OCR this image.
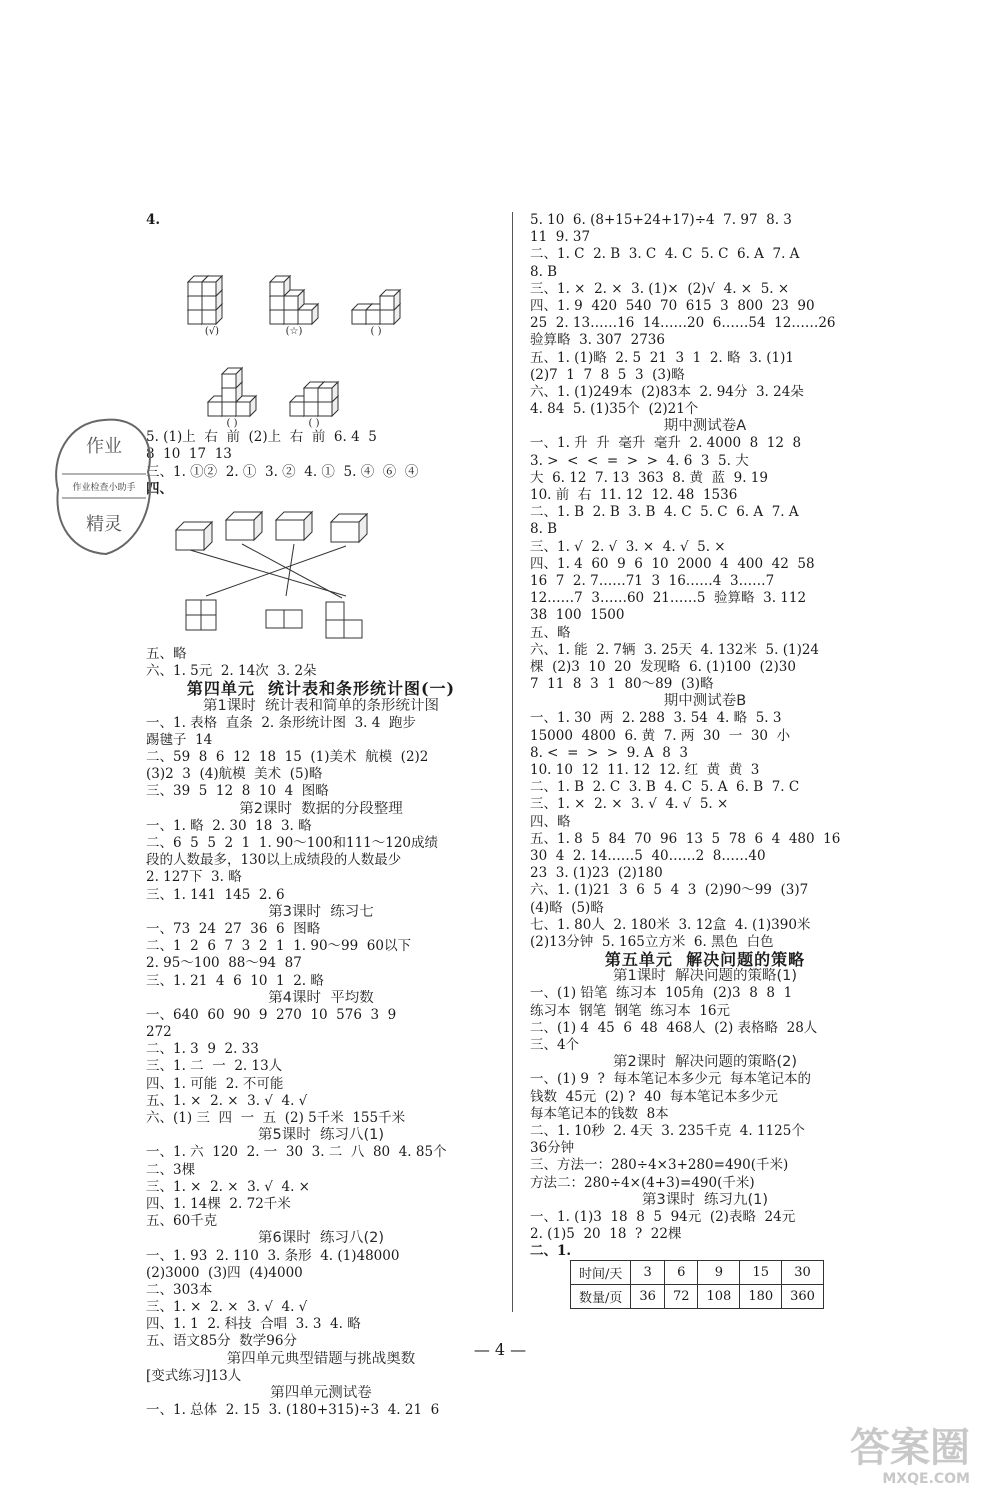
4.
(√)	(☆)	( )
( )	( )
5. (1)上  右  前  (2)上  右  前  6. 4  5
8  10  17  13
三、1. ①②  2. ①  3. ②  4. ①  5. ④  ⑥  ④
四、
五、略
六、1. 5元  2. 14次  3. 2朵
第四单元  统计表和条形统计图(一)
第1课时  统计表和简单的条形统计图
一、1. 表格  直条  2. 条形统计图  3. 4  跑步
踢毽子  14
二、59  8  6  12  18  15  (1)美术  航模  (2)2
(3)2  3  (4)航模  美术  (5)略
三、39  5  12  8  10  4  图略
第2课时  数据的分段整理
一、1. 略  2. 30  18  3. 略
二、6  5  5  2  1  1. 90～100和111～120成绩
段的人数最多，130以上成绩段的人数最少
2. 127下  3. 略
三、1. 141  145  2. 6
第3课时  练习七
一、73  24  27  36  6  图略
二、1  2  6  7  3  2  1  1. 90～99  60以下
2. 95～100  88～94  87
三、1. 21  4  6  10  1  2. 略
第4课时  平均数
一、640  60  90  9  270  10  576  3  9
272
二、1. 3  9  2. 33
三、1. 二  一  2. 13人
四、1. 可能  2. 不可能
五、1. ×  2. ×  3. √  4. √
六、(1) 三  四  一  五  (2) 5千米  155千米
第5课时  练习八(1)
一、1. 六  120  2. 一  30  3. 二  八  80  4. 85个
二、3棵
三、1. ×  2. ×  3. √  4. ×
四、1. 14棵  2. 72千米
五、60千克
第6课时  练习八(2)
一、1. 93  2. 110  3. 条形  4. (1)48000
(2)3000  (3)四  (4)4000
二、303本
三、1. ×  2. ×  3. √  4. √
四、1. 1  2. 科技  合唱  3. 3  4. 略
五、语文85分  数学96分
第四单元典型错题与挑战奥数
[变式练习]13人
第四单元测试卷
一、1. 总体  2. 15  3. (180+315)÷3  4. 21  6
5. 10  6. (8+15+24+17)÷4  7. 97  8. 3
11  9. 37
二、1. C  2. B  3. C  4. C  5. C  6. A  7. A
8. B
三、1. ×  2. ×  3. (1)×  (2)√  4. ×  5. ×
四、1. 9  420  540  70  615  3  800  23  90
25  2. 13……16  14……20  6……54  12……26
验算略  3. 307  2736
五、1. (1)略  2. 5  21  3  1  2. 略  3. (1)1
(2)7  1  7  8  5  3  (3)略
六、1. (1)249本  (2)83本  2. 94分  3. 24朵
4. 84  5. (1)35个  (2)21个
期中测试卷A
一、1. 升  升  毫升  毫升  2. 4000  8  12  8
3. >  <  <  =  >  >  4. 6  3  5. 大
大  6. 12  7. 13  363  8. 黄  蓝  9. 19
10. 前  右  11. 12  12. 48  1536
二、1. B  2. B  3. B  4. C  5. C  6. A  7. A
8. B
三、1. √  2. √  3. ×  4. √  5. ×
四、1. 4  60  9  6  10  2000  4  400  42  58
16  7  2. 7……71  3  16……4  3……7
12……7  3……60  21……5  验算略  3. 112
38  100  1500
五、略
六、1. 能  2. 7辆  3. 25天  4. 132米  5. (1)24
棵  (2)3  10  20  发现略  6. (1)100  (2)30
7  11  8  3  1  80～89  (3)略
期中测试卷B
一、1. 30  两  2. 288  3. 54  4. 略  5. 3
15000  4800  6. 黄  7. 两  30  一  30  小
8. <  =  >  >  9. A  8  3
10. 10  12  11. 12  12. 红  黄  黄  3
二、1. B  2. C  3. B  4. C  5. A  6. B  7. C
三、1. ×  2. ×  3. √  4. √  5. ×
四、略
五、1. 8  5  84  70  96  13  5  78  6  4  480  16
30  4  2. 14……5  40……2  8……40
23  3. (1)23  (2)180
六、1. (1)21  3  6  5  4  3  (2)90～99  (3)7
(4)略  (5)略
七、1. 80人  2. 180米  3. 12盒  4. (1)390米
(2)13分钟  5. 165立方米  6. 黑色  白色
第五单元  解决问题的策略
第1课时  解决问题的策略(1)
一、(1) 铅笔  练习本  105角  (2)3  8  8  1
练习本  钢笔  钢笔  练习本  16元
二、(1) 4  45  6  48  468人  (2) 表格略  28人
三、4个
第2课时  解决问题的策略(2)
一、(1) 9  ?  每本笔记本多少元  每本笔记本的
钱数  45元  (2) ?  40  每本笔记本多少元
每本笔记本的钱数  8本
二、1. 10秒  2. 4天  3. 235千克  4. 1125个
36分钟
三、方法一：280÷4×3+280=490(千米)
方法二：280÷4×(4+3)=490(千米)
第3课时  练习九(1)
一、1. (1)3  18  8  5  94元  (2)表略  24元
2. (1)5  20  18  ?  22棵
二、1.
时间/天	3	6	9	15	30
数量/页	36	72	108	180	360
作业
作业检查小助手
精灵
— 4 —
答案圈
MXQE.COM
